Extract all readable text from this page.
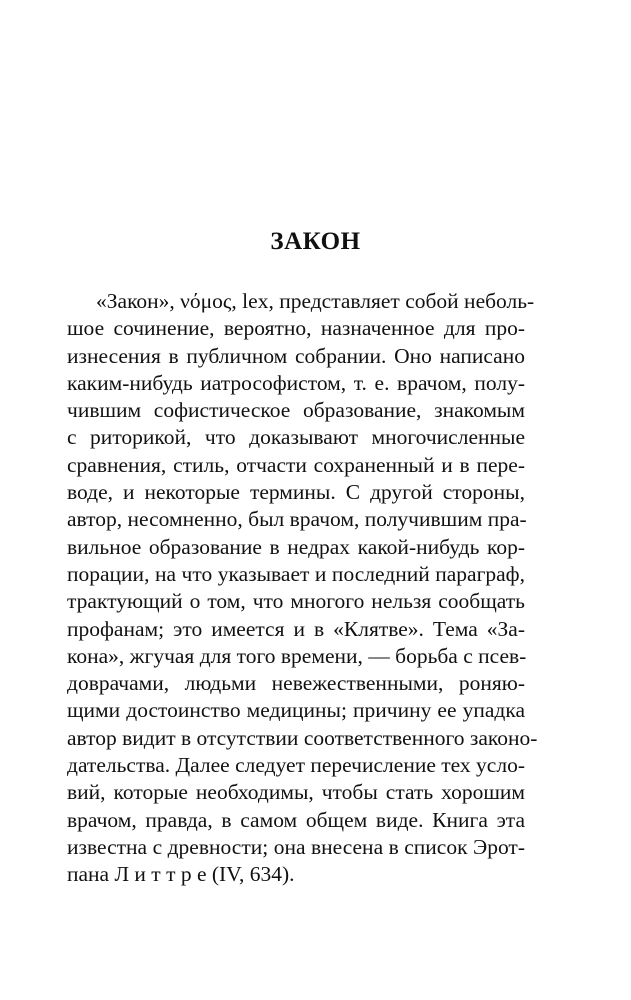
ЗАКОН
«Закон», νόμος, lex, представляет собой неболь-
шое сочинение, вероятно, назначенное для про-
изнесения в публичном собрании. Оно написано
каким-нибудь иатрософистом, т. е. врачом, полу-
чившим софистическое образование, знакомым
с риторикой, что доказывают многочисленные
сравнения, стиль, отчасти сохраненный и в пере-
воде, и некоторые термины. С другой стороны,
автор, несомненно, был врачом, получившим пра-
вильное образование в недрах какой-нибудь кор-
порации, на что указывает и последний параграф,
трактующий о том, что многого нельзя сообщать
профанам; это имеется и в «Клятве». Тема «За-
кона», жгучая для того времени, — борьба с псев-
доврачами, людьми невежественными, роняю-
щими достоинство медицины; причину ее упадка
автор видит в отсутствии соответственного законо-
дательства. Далее следует перечисление тех усло-
вий, которые необходимы, чтобы стать хорошим
врачом, правда, в самом общем виде. Книга эта
известна с древности; она внесена в список Эрот-
пана Л и т т р е (IV, 634).
